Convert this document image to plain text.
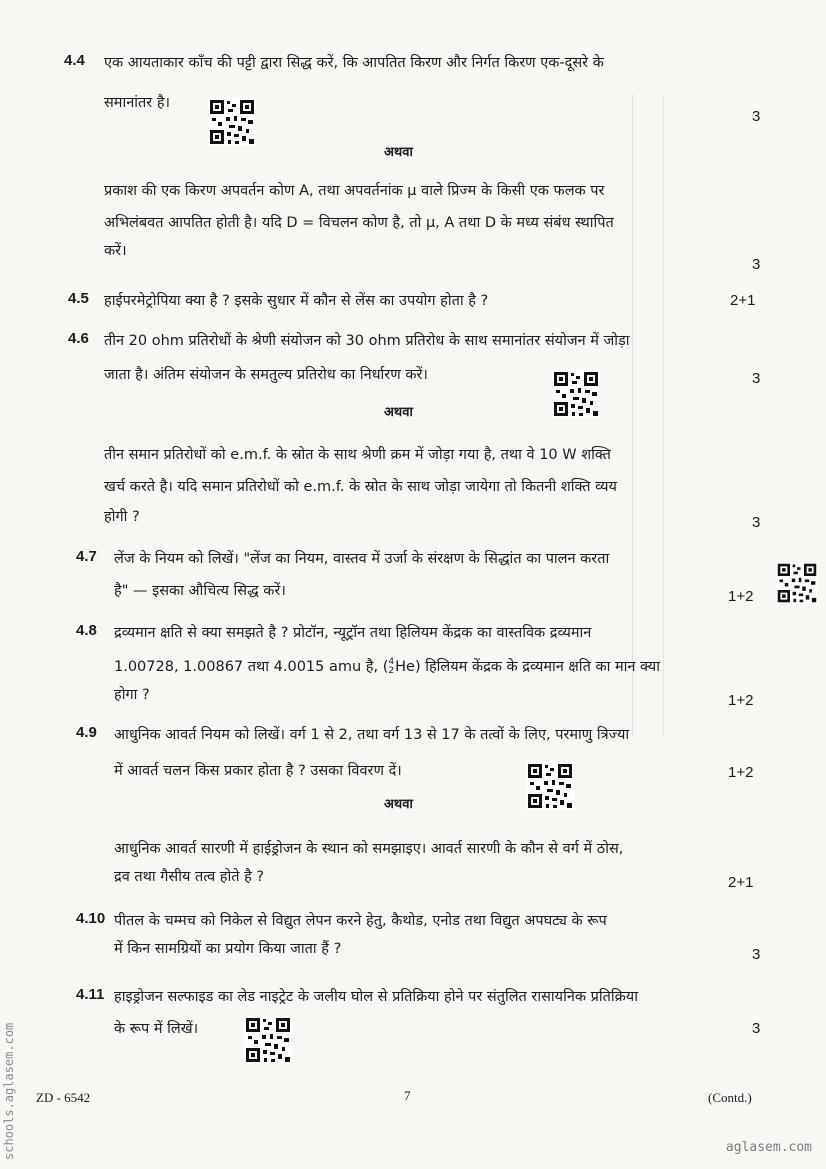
4.4 एक आयताकार काँच की पट्टी द्वारा सिद्ध करें, कि आपतित किरण और निर्गत किरण एक-दूसरे के
समानांतर है।
3
अथवा
प्रकाश की एक किरण अपवर्तन कोण A, तथा अपवर्तनांक μ वाले प्रिज्म के किसी एक फलक पर
अभिलंबवत आपतित होती है। यदि D = विचलन कोण है, तो μ, A तथा D के मध्य संबंध स्थापित
करें।
3
4.5 हाईपरमेट्रोपिया क्या है ? इसके सुधार में कौन से लेंस का उपयोग होता है ?	2+1
4.6 तीन 20 ohm प्रतिरोधों के श्रेणी संयोजन को 30 ohm प्रतिरोध के साथ समानांतर संयोजन में जोड़ा
जाता है। अंतिम संयोजन के समतुल्य प्रतिरोध का निर्धारण करें।	3
अथवा
तीन समान प्रतिरोधों को e.m.f. के स्रोत के साथ श्रेणी क्रम में जोड़ा गया है, तथा वे 10 W शक्ति
खर्च करते है। यदि समान प्रतिरोधों को e.m.f. के स्रोत के साथ जोड़ा जायेगा तो कितनी शक्ति व्यय
होगी ?	3
4.7 लेंज के नियम को लिखें। "लेंज का नियम, वास्तव में उर्जा के संरक्षण के सिद्धांत का पालन करता
है" — इसका औचित्य सिद्ध करें।	1+2
4.8 द्रव्यमान क्षति से क्या समझते है ? प्रोटॉन, न्यूट्रॉन तथा हिलियम केंद्रक का वास्तविक द्रव्यमान
1.00728, 1.00867 तथा 4.0015 amu है, ( 4
2 He) हिलियम केंद्रक के द्रव्यमान क्षति का मान क्या
होगा ?	1+2
4.9 आधुनिक आवर्त नियम को लिखें। वर्ग 1 से 2, तथा वर्ग 13 से 17 के तत्वों के लिए, परमाणु त्रिज्या
में आवर्त चलन किस प्रकार होता है ? उसका विवरण दें।	1+2
अथवा
आधुनिक आवर्त सारणी में हाईड्रोजन के स्थान को समझाइए। आवर्त सारणी के कौन से वर्ग में ठोस,
द्रव तथा गैसीय तत्व होते है ?	2+1
4.10 पीतल के चम्मच को निकेल से विद्युत लेपन करने हेतु, कैथोड, एनोड तथा विद्युत अपघट्य के रूप
में किन सामग्रियों का प्रयोग किया जाता हैं ?	3
4.11 हाइड्रोजन सल्फाइड का लेड नाइट्रेट के जलीय घोल से प्रतिक्रिया होने पर संतुलित रासायनिक प्रतिक्रिया
के रूप में लिखें।	3
ZD - 6542	7	(Contd.)
schools.aglasem.com	aglasem.com
